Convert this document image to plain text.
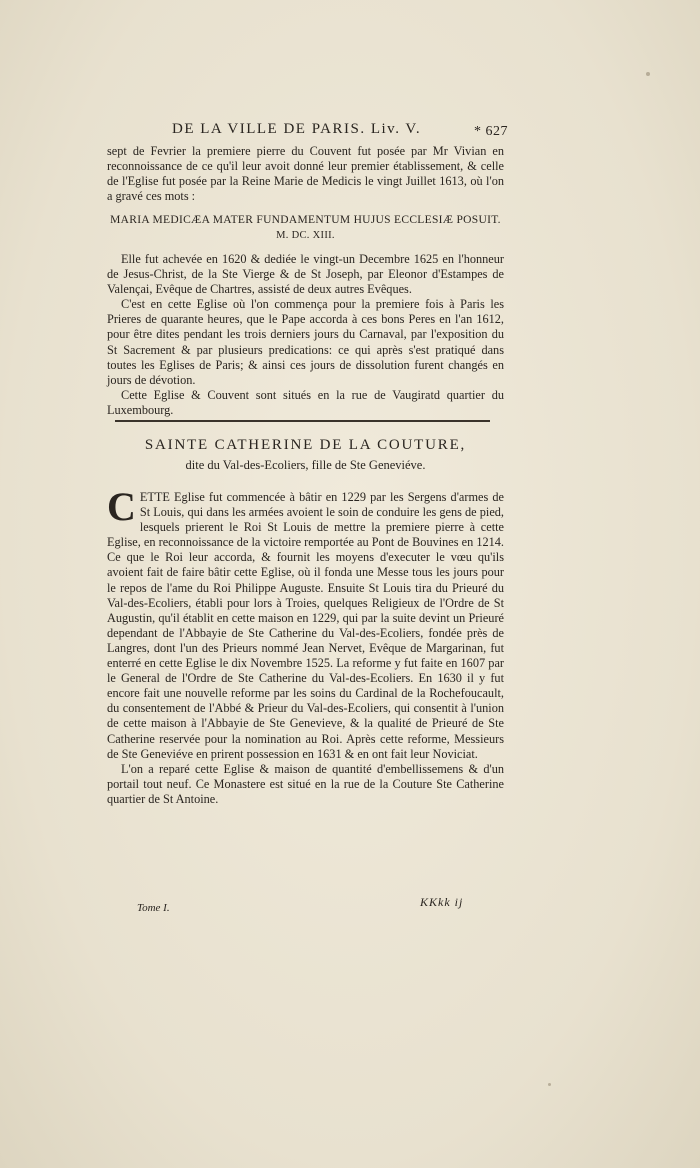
DE LA VILLE DE PARIS. Liv. V.	* 627

sept de Fevrier la premiere pierre du Couvent fut posée par Mr Vivian en reconnoissance de ce qu'il leur avoit donné leur premier établissement, & celle de l'Eglise fut posée par la Reine Marie de Medicis le vingt Juillet 1613, où l'on a gravé ces mots :

MARIA MEDICÆA MATER FUNDAMENTUM HUJUS ECCLESIÆ POSUIT.
M. DC. XIII.

Elle fut achevée en 1620 & dediée le vingt-un Decembre 1625 en l'honneur de Jesus-Christ, de la Ste Vierge & de St Joseph, par Eleonor d'Estampes de Valençai, Evêque de Chartres, assisté de deux autres Evêques.

C'est en cette Eglise où l'on commença pour la premiere fois à Paris les Prieres de quarante heures, que le Pape accorda à ces bons Peres en l'an 1612, pour être dites pendant les trois derniers jours du Carnaval, par l'exposition du St Sacrement & par plusieurs predications: ce qui après s'est pratiqué dans toutes les Eglises de Paris; & ainsi ces jours de dissolution furent changés en jours de dévotion.

Cette Eglise & Couvent sont situés en la rue de Vaugiratd quartier du Luxembourg.

SAINTE CATHERINE DE LA COUTURE,
dite du Val-des-Ecoliers, fille de Ste Geneviéve.

CETTE Eglise fut commencée à bâtir en 1229 par les Sergens d'armes de St Louis, qui dans les armées avoient le soin de conduire les gens de pied, lesquels prierent le Roi St Louis de mettre la premiere pierre à cette Eglise, en reconnoissance de la victoire remportée au Pont de Bouvines en 1214. Ce que le Roi leur accorda, & fournit les moyens d'executer le vœu qu'ils avoient fait de faire bâtir cette Eglise, où il fonda une Messe tous les jours pour le repos de l'ame du Roi Philippe Auguste. Ensuite St Louis tira du Prieuré du Val-des-Ecoliers, établi pour lors à Troies, quelques Religieux de l'Ordre de St Augustin, qu'il établit en cette maison en 1229, qui par la suite devint un Prieuré dependant de l'Abbayie de Ste Catherine du Val-des-Ecoliers, fondée près de Langres, dont l'un des Prieurs nommé Jean Nervet, Evêque de Margarinan, fut enterré en cette Eglise le dix Novembre 1525. La reforme y fut faite en 1607 par le General de l'Ordre de Ste Catherine du Val-des-Ecoliers. En 1630 il y fut encore fait une nouvelle reforme par les soins du Cardinal de la Rochefoucault, du consentement de l'Abbé & Prieur du Val-des-Ecoliers, qui consentit à l'union de cette maison à l'Abbayie de Ste Genevieve, & la qualité de Prieuré de Ste Catherine reservée pour la nomination au Roi. Après cette reforme, Messieurs de Ste Geneviéve en prirent possession en 1631 & en ont fait leur Noviciat.

L'on a reparé cette Eglise & maison de quantité d'embellissemens & d'un portail tout neuf. Ce Monastere est situé en la rue de la Couture Ste Catherine quartier de St Antoine.

Tome I.	KKkk ij
